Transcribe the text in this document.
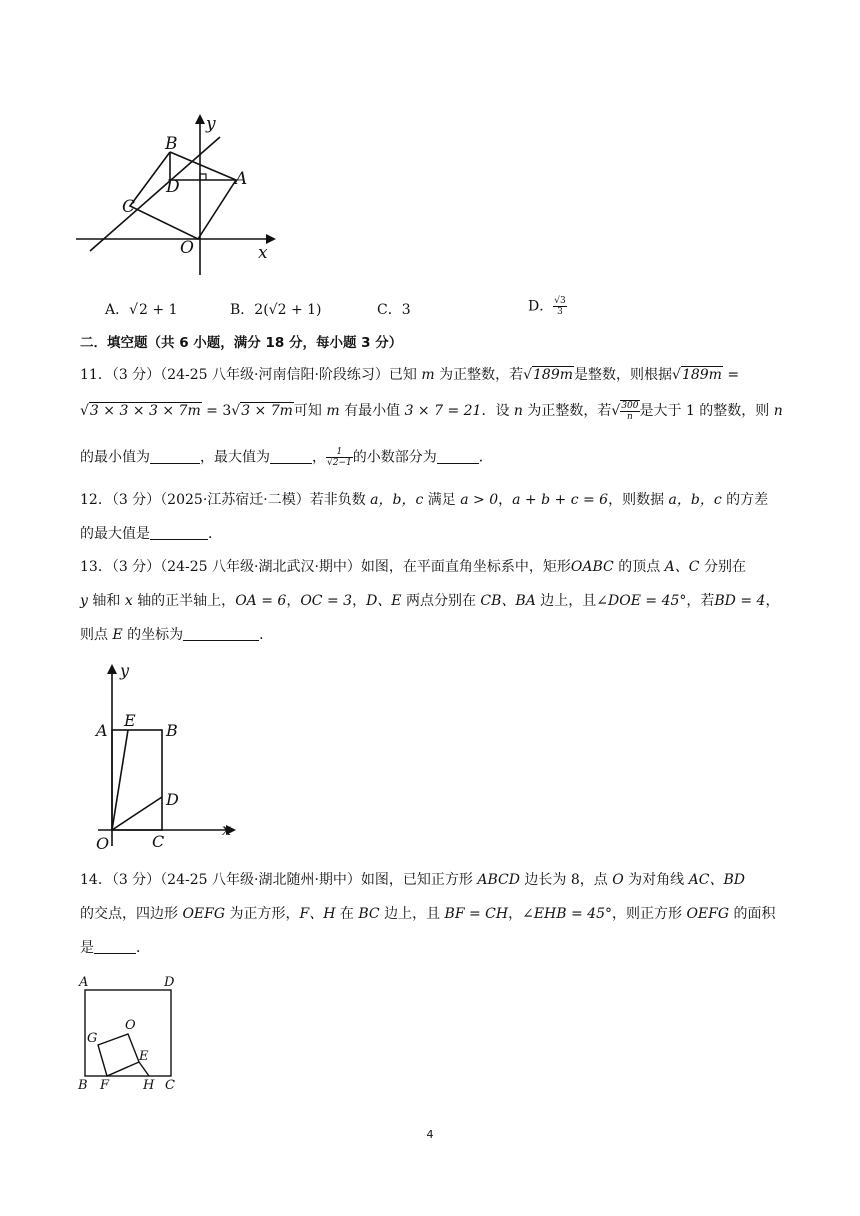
B
y
D	A
C
O	x
A．√2 + 1	B．2(√2 + 1)	C．3	D． $\frac{√3}{3}$
二．填空题（共 6 小题，满分 18 分，每小题 3 分）
11．（3 分）（24-25 八年级·河南信阳·阶段练习）已知 m 为正整数，若√189m是整数，则根据√189m =
√3 × 3 × 3 × 7m = 3√3 × 7m可知 m 有最小值 3 × 7 = 21．设 n 为正整数，若√ $\frac{300}{n}$ 是大于 1 的整数，则 n
的最小值为	，最大值为	， $\frac{1}{√2-1}$ 的小数部分为	．
12．（3 分）（2025·江苏宿迁·二模）若非负数 a，b，c 满足 a > 0，a + b + c = 6，则数据 a，b，c 的方差
的最大值是	．
13．（3 分）（24-25 八年级·湖北武汉·期中）如图，在平面直角坐标系中，矩形OABC 的顶点 A、C 分别在
y 轴和 x 轴的正半轴上，OA = 6，OC = 3，D、E 两点分别在 CB、BA 边上，且∠DOE = 45°，若BD = 4，
则点 E 的坐标为	．
y
A
E
B
D
O	C
x
14．（3 分）（24-25 八年级·湖北随州·期中）如图，已知正方形 ABCD 边长为 8，点 O 为对角线 AC、BD
的交点，四边形 OEFG 为正方形，F、H 在 BC 边上，且 BF = CH，∠EHB = 45°，则正方形 OEFG 的面积
是	．
A	D
G
O
E
B F	H C
4
